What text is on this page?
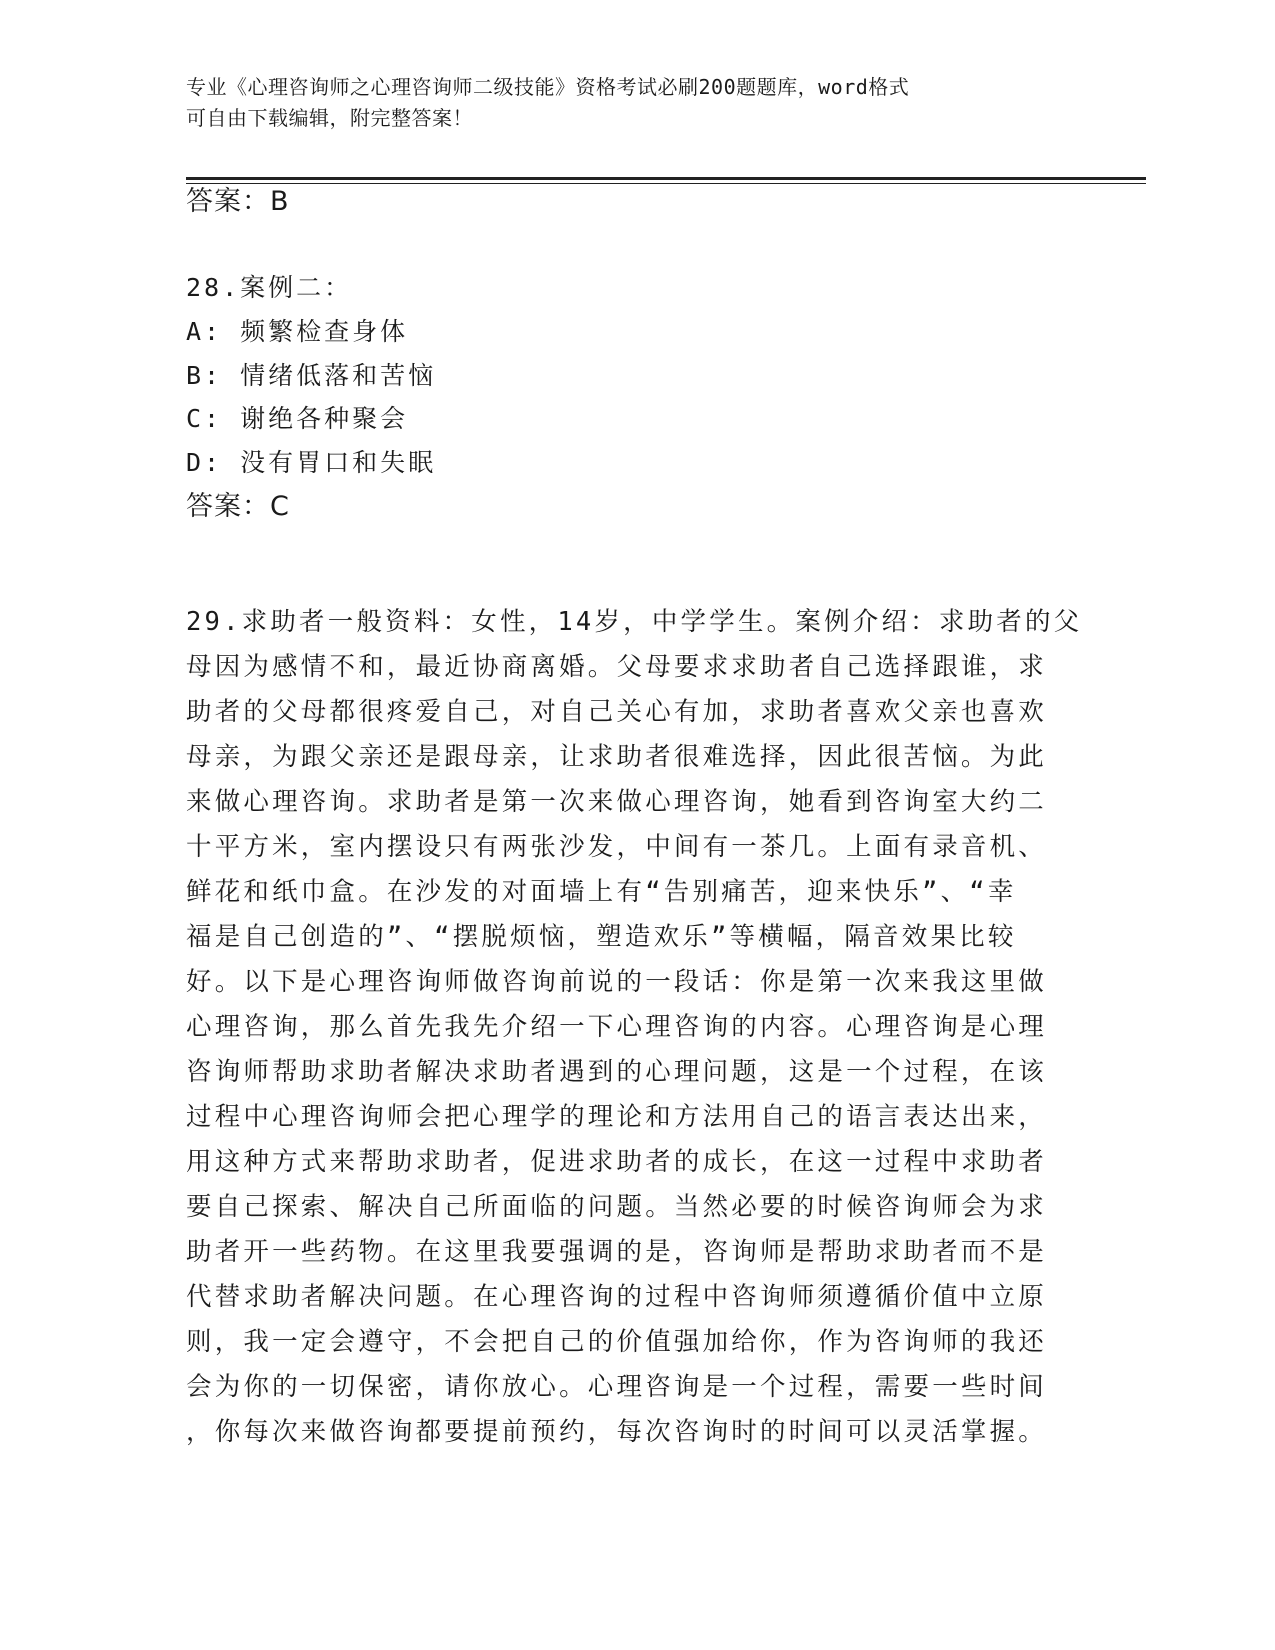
专业《心理咨询师之心理咨询师二级技能》资格考试必刷200题题库，word格式
可自由下载编辑，附完整答案！
答案：B
28.案例二：
A: 频繁检查身体
B: 情绪低落和苦恼
C: 谢绝各种聚会
D: 没有胃口和失眠
答案：C
29.求助者一般资料：女性，14岁，中学学生。案例介绍：求助者的父
母因为感情不和，最近协商离婚。父母要求求助者自己选择跟谁，求
助者的父母都很疼爱自己，对自己关心有加，求助者喜欢父亲也喜欢
母亲，为跟父亲还是跟母亲，让求助者很难选择，因此很苦恼。为此
来做心理咨询。求助者是第一次来做心理咨询，她看到咨询室大约二
十平方米，室内摆设只有两张沙发，中间有一茶几。上面有录音机、
鲜花和纸巾盒。在沙发的对面墙上有“告别痛苦，迎来快乐”、“幸
福是自己创造的”、“摆脱烦恼，塑造欢乐”等横幅，隔音效果比较
好。以下是心理咨询师做咨询前说的一段话：你是第一次来我这里做
心理咨询，那么首先我先介绍一下心理咨询的内容。心理咨询是心理
咨询师帮助求助者解决求助者遇到的心理问题，这是一个过程，在该
过程中心理咨询师会把心理学的理论和方法用自己的语言表达出来，
用这种方式来帮助求助者，促进求助者的成长，在这一过程中求助者
要自己探索、解决自己所面临的问题。当然必要的时候咨询师会为求
助者开一些药物。在这里我要强调的是，咨询师是帮助求助者而不是
代替求助者解决问题。在心理咨询的过程中咨询师须遵循价值中立原
则，我一定会遵守，不会把自己的价值强加给你，作为咨询师的我还
会为你的一切保密，请你放心。心理咨询是一个过程，需要一些时间
，你每次来做咨询都要提前预约，每次咨询时的时间可以灵活掌握。
